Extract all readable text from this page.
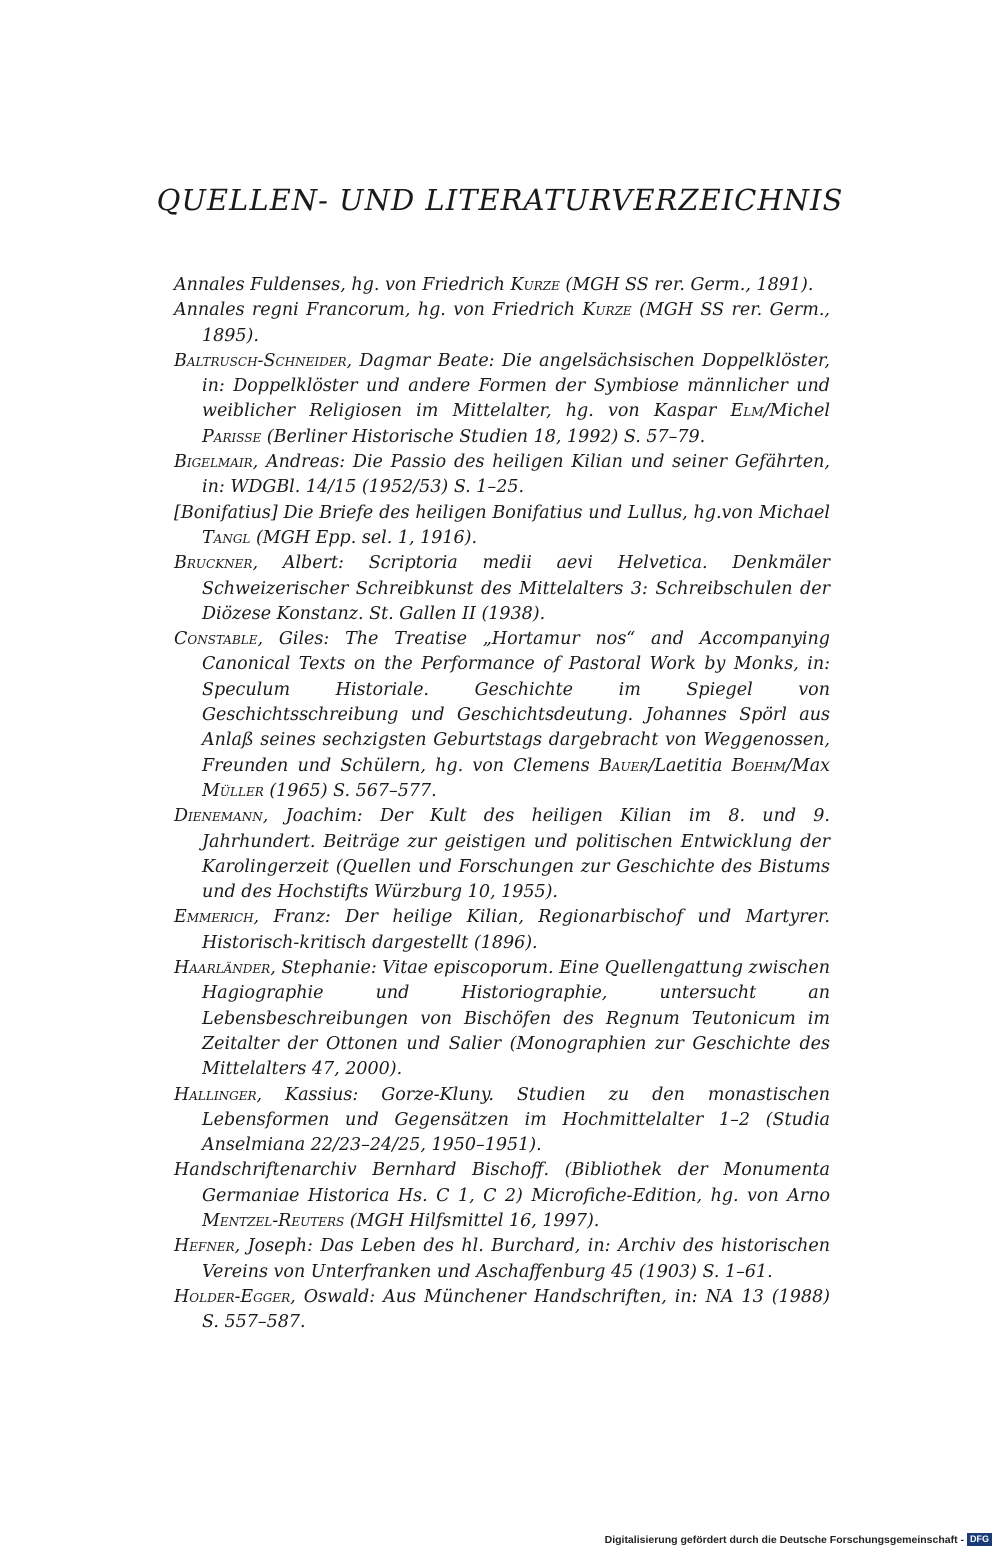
QUELLEN- UND LITERATURVERZEICHNIS
Annales Fuldenses, hg. von Friedrich Kurze (MGH SS rer. Germ., 1891).
Annales regni Francorum, hg. von Friedrich Kurze (MGH SS rer. Germ., 1895).
Baltrusch-Schneider, Dagmar Beate: Die angelsächsischen Doppelklöster, in: Doppelklöster und andere Formen der Symbiose männlicher und weiblicher Religiosen im Mittelalter, hg. von Kaspar Elm/Michel Parisse (Berliner Historische Studien 18, 1992) S. 57–79.
Bigelmair, Andreas: Die Passio des heiligen Kilian und seiner Gefährten, in: WDGBl. 14/15 (1952/53) S. 1–25.
[Bonifatius] Die Briefe des heiligen Bonifatius und Lullus, hg.von Michael Tangl (MGH Epp. sel. 1, 1916).
Bruckner, Albert: Scriptoria medii aevi Helvetica. Denkmäler Schweizerischer Schreibkunst des Mittelalters 3: Schreibschulen der Diözese Konstanz. St. Gallen II (1938).
Constable, Giles: The Treatise „Hortamur nos“ and Accompanying Canonical Texts on the Performance of Pastoral Work by Monks, in: Speculum Historiale. Geschichte im Spiegel von Geschichtsschreibung und Geschichtsdeutung. Johannes Spörl aus Anlaß seines sechzigsten Geburtstags dargebracht von Weggenossen, Freunden und Schülern, hg. von Clemens Bauer/Laetitia Boehm/Max Müller (1965) S. 567–577.
Dienemann, Joachim: Der Kult des heiligen Kilian im 8. und 9. Jahrhundert. Beiträge zur geistigen und politischen Entwicklung der Karolingerzeit (Quellen und Forschungen zur Geschichte des Bistums und des Hochstifts Würzburg 10, 1955).
Emmerich, Franz: Der heilige Kilian, Regionarbischof und Martyrer. Historisch-kritisch dargestellt (1896).
Haarländer, Stephanie: Vitae episcoporum. Eine Quellengattung zwischen Hagiographie und Historiographie, untersucht an Lebensbeschreibungen von Bischöfen des Regnum Teutonicum im Zeitalter der Ottonen und Salier (Monographien zur Geschichte des Mittelalters 47, 2000).
Hallinger, Kassius: Gorze-Kluny. Studien zu den monastischen Lebensformen und Gegensätzen im Hochmittelalter 1–2 (Studia Anselmiana 22/23–24/25, 1950–1951).
Handschriftenarchiv Bernhard Bischoff. (Bibliothek der Monumenta Germaniae Historica Hs. C 1, C 2) Microfiche-Edition, hg. von Arno Mentzel-Reuters (MGH Hilfsmittel 16, 1997).
Hefner, Joseph: Das Leben des hl. Burchard, in: Archiv des historischen Vereins von Unterfranken und Aschaffenburg 45 (1903) S. 1–61.
Holder-Egger, Oswald: Aus Münchener Handschriften, in: NA 13 (1988) S. 557–587.
Digitalisierung gefördert durch die Deutsche Forschungsgemeinschaft - DFG
